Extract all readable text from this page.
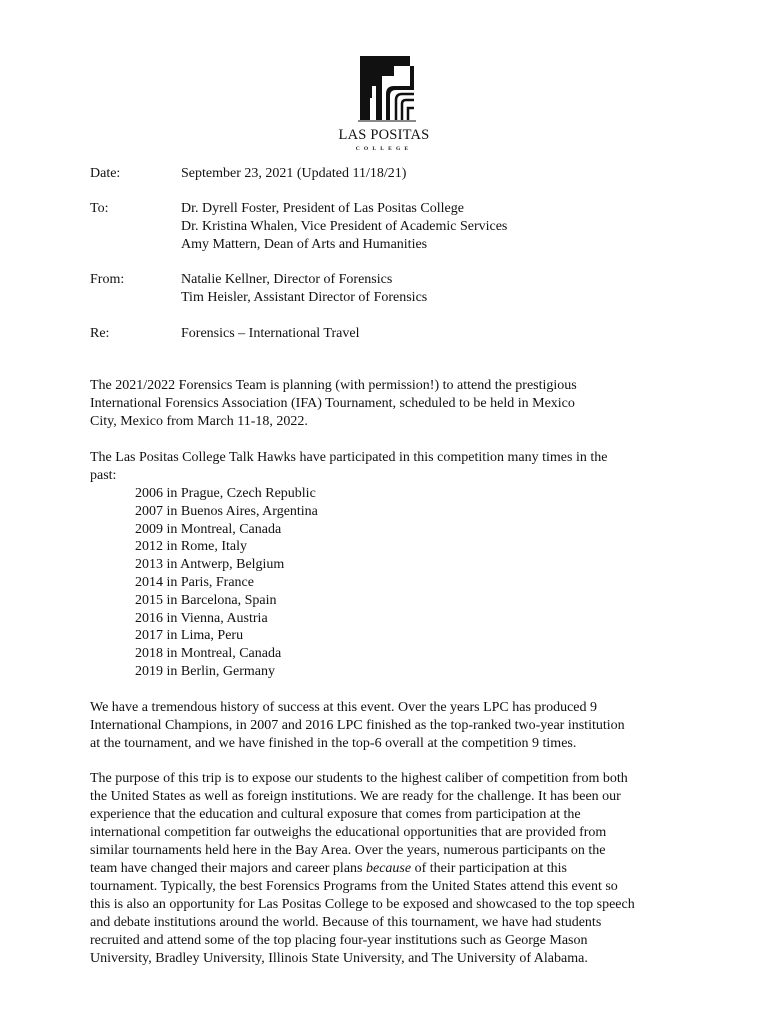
LAS POSITAS
COLLEGE
Date:	September 23, 2021 (Updated 11/18/21)
To:	Dr. Dyrell Foster, President of Las Positas College
Dr. Kristina Whalen, Vice President of Academic Services
Amy Mattern, Dean of Arts and Humanities
From:	Natalie Kellner, Director of Forensics
Tim Heisler, Assistant Director of Forensics
Re:	Forensics – International Travel
The 2021/2022 Forensics Team is planning (with permission!) to attend the prestigious
International Forensics Association (IFA) Tournament, scheduled to be held in Mexico
City, Mexico from March 11-18, 2022.
The Las Positas College Talk Hawks have participated in this competition many times in the
past:
2006 in Prague, Czech Republic
2007 in Buenos Aires, Argentina
2009 in Montreal, Canada
2012 in Rome, Italy
2013 in Antwerp, Belgium
2014 in Paris, France
2015 in Barcelona, Spain
2016 in Vienna, Austria
2017 in Lima, Peru
2018 in Montreal, Canada
2019 in Berlin, Germany
We have a tremendous history of success at this event. Over the years LPC has produced 9
International Champions, in 2007 and 2016 LPC finished as the top-ranked two-year institution
at the tournament, and we have finished in the top-6 overall at the competition 9 times.
The purpose of this trip is to expose our students to the highest caliber of competition from both
the United States as well as foreign institutions. We are ready for the challenge. It has been our
experience that the education and cultural exposure that comes from participation at the
international competition far outweighs the educational opportunities that are provided from
similar tournaments held here in the Bay Area. Over the years, numerous participants on the
team have changed their majors and career plans because of their participation at this
tournament. Typically, the best Forensics Programs from the United States attend this event so
this is also an opportunity for Las Positas College to be exposed and showcased to the top speech
and debate institutions around the world. Because of this tournament, we have had students
recruited and attend some of the top placing four-year institutions such as George Mason
University, Bradley University, Illinois State University, and The University of Alabama.
